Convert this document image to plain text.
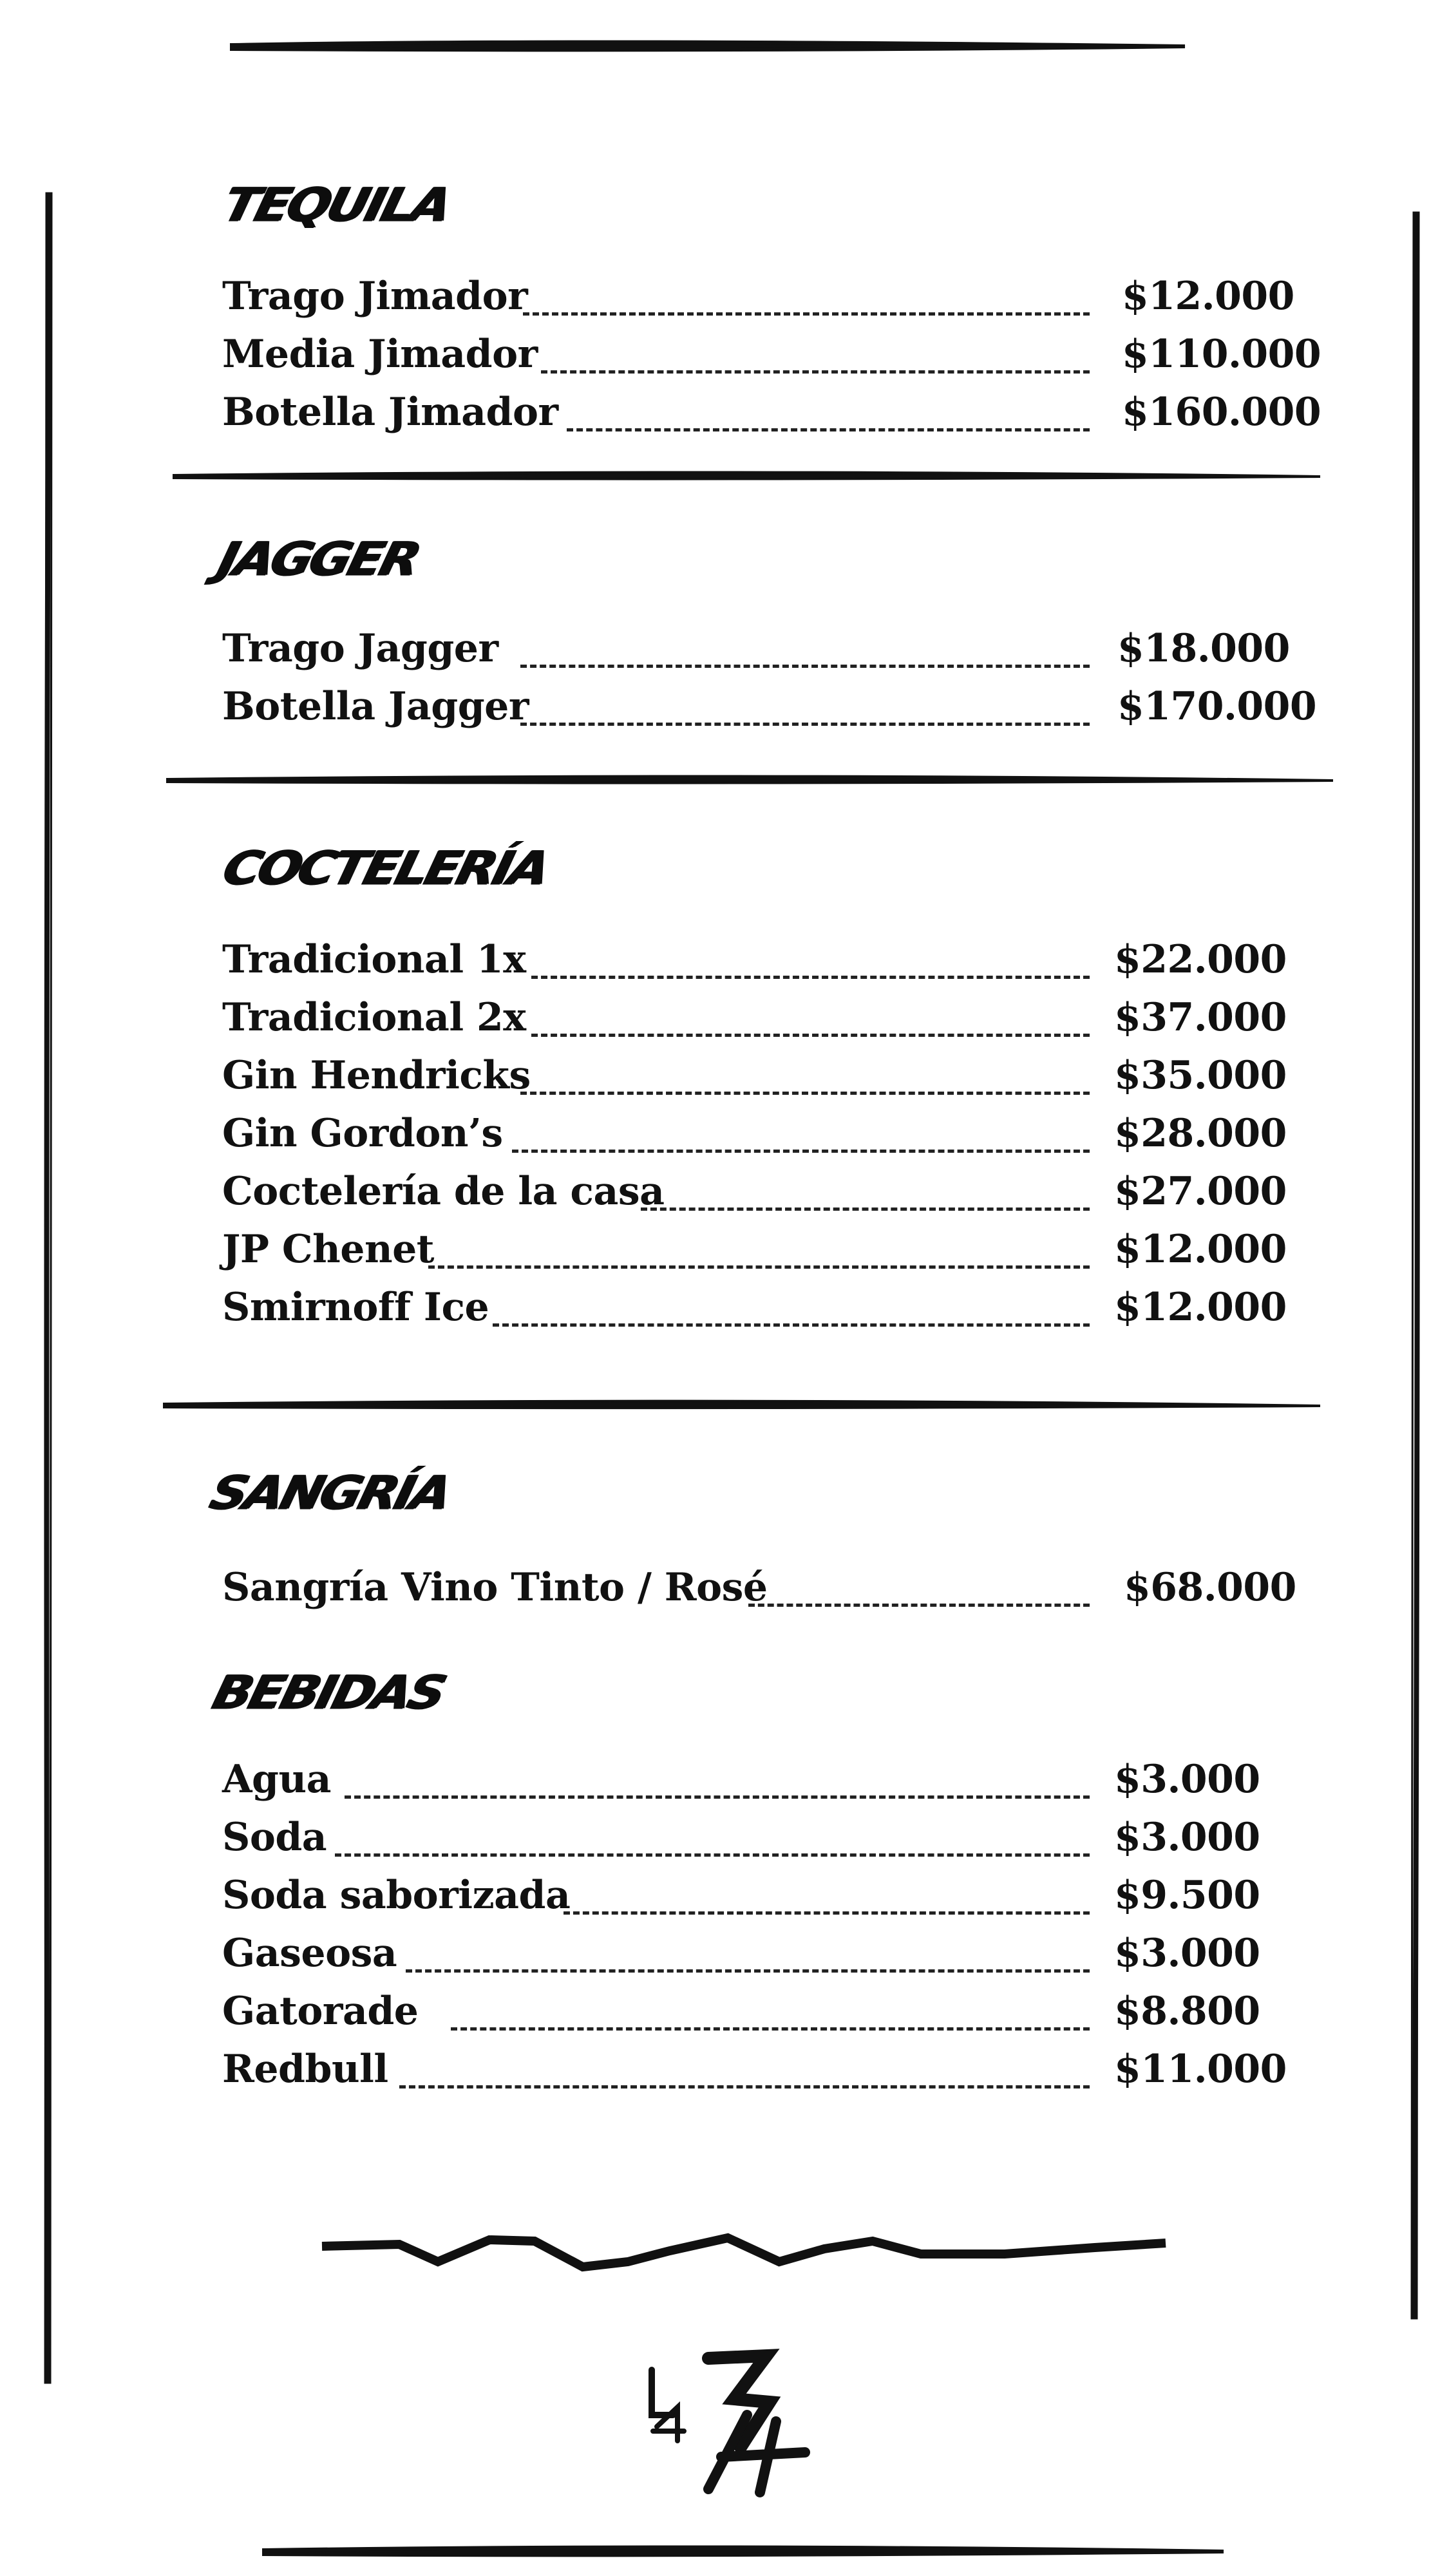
TEQUILA
Trago Jimador	$12.000
Media Jimador	$110.000
Botella Jimador	$160.000
JAGGER
Trago Jagger	$18.000
Botella Jagger	$170.000
COCTELERÍA
Tradicional 1x	$22.000
Tradicional 2x	$37.000
Gin Hendricks	$35.000
Gin Gordon’s	$28.000
Coctelería de la casa	$27.000
JP Chenet	$12.000
Smirnoff Ice	$12.000
SANGRÍA
Sangría Vino Tinto / Rosé	$68.000
BEBIDAS
Agua	$3.000
Soda	$3.000
Soda saborizada	$9.500
Gaseosa	$3.000
Gatorade	$8.800
Redbull	$11.000
